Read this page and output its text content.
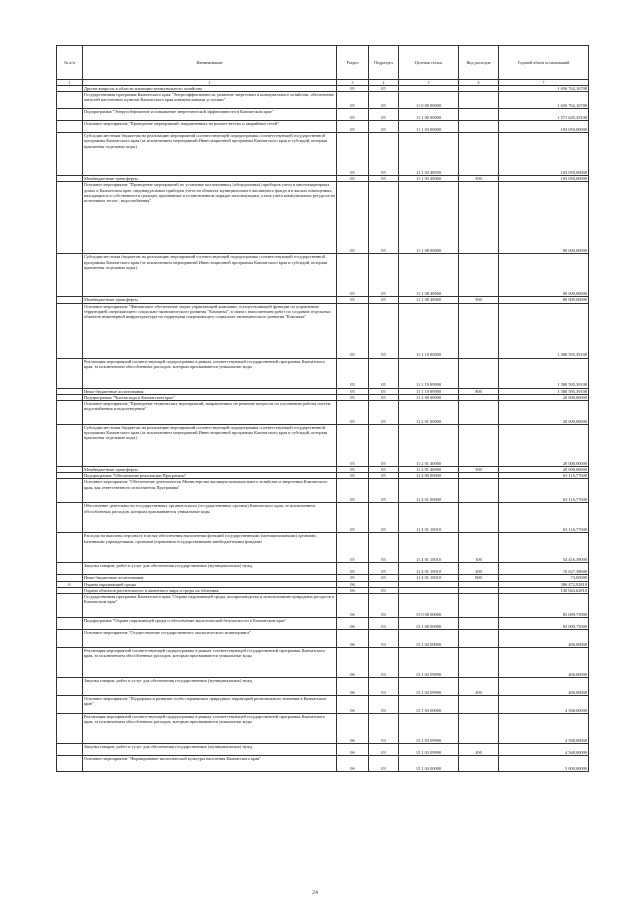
№ п/п	Наименование	Раздел	Подраздел	Целевая статья	Вид расходов	Годовой объем ассигнований
1	2	3	4	5	6	7
	Другие вопросы в области жилищно-коммунального хозяйства	05	05			1 656 762,16708
	Государственная программа Камчатского края "Энергоэффективность, развитие энергетики и коммунального хозяйства, обеспечение жителей населенных пунктов Камчатского края коммунальными услугами"	05	05	11 0 00 00000		1 656 762,16708
	Подпрограмма "Энергосбережение и повышение энергетической эффективности в Камчатском крае"	05	05	11 1 00 00000		1 571 645,39108
	Основное мероприятие "Проведение мероприятий, направленных на ремонт ветхих и аварийных сетей"	05	05	11 1 03 00000		103 050,00000
	Субсидии местным бюджетам на реализацию мероприятий соответствующей подпрограммы соответствующей государственной программы Камчатского края (за исключением мероприятий Инвестиционной программы Камчатского края и субсидий, которым присвоены отдельные коды)	05	05	11 1 03 40050		103 050,00000
	Межбюджетные трансферты	05	05	11 1 03 40060	500	103 050,00000
	Основное мероприятие "Проведение мероприятий по установке коллективных (общедомовых) приборов учета в многоквартирных домах в Камчатском крае, индивидуальных приборов учета на объектах муниципального жилищного фонда и в жилых помещениях, находящихся в собственности граждан, признанных в установленном порядке малоимущими, узлов учета коммунальных ресурсов на источниках тепло-, водоснабжения"	05	05	11 1 08 00000		80 000,00000
	Субсидии местным бюджетам на реализацию мероприятий соответствующей подпрограммы соответствующей государственной программы Камчатского края (за исключением мероприятий Инвестиционной программы Камчатского края и субсидий, которым присвоены отдельные коды)	05	05	11 1 08 40060		80 000,00000
	Межбюджетные трансферты	05	05	11 1 08 40060	500	80 000,00000
	Основное мероприятие "Финансовое обеспечение затрат управляющей компании, осуществляющей функции по управлению территорией опережающего социально-экономического развития "Камчатка", в связи с выполнением работ по созданию отдельных объектов инженерной инфраструктуры на территории опережающего социально-экономического развития "Камчатка"	05	05	11 1 19 00000		1 388 595,39108
	Реализация мероприятий соответствующей подпрограммы в рамках соответствующей государственной программы Камчатского края, за исключением обособленных расходов, которым присваиваются уникальные коды	05	05	11 1 19 09990		1 388 595,39108
	Иные бюджетные ассигнования	05	05	11 1 19 09990	800	1 388 595,39108
	Подпрограмма "Чистая вода в Камчатском крае"	05	05	11 2 00 00000		20 000,00000
	Основное мероприятие "Проведение технических мероприятий, направленных на решение вопросов по улучшению работы систем водоснабжения и водоотведения"	05	05	11 2 01 00000		20 000,00000
	Субсидии местным бюджетам на реализацию мероприятий соответствующей подпрограммы соответствующей государственной программы Камчатского края (за исключением мероприятий Инвестиционной программы Камчатского края и субсидий, которым присвоены отдельные коды)	05	05	11 2 01 40060		20 000,00000
	Межбюджетные трансферты	05	05	11 2 01 40060	500	20 000,00000
	Подпрограмма "Обеспечение реализации Программы"	05	05	11 4 00 00000		65 116,77600
	Основное мероприятие "Обеспечение деятельности Министерства жилищно-коммунального хозяйства и энергетики Камчатского края, как ответственного исполнителя Программы"	05	05	11 4 01 00000		65 116,77600
	Обеспечение деятельности государственных органов власти (государственных органов) Камчатского края, за исключением обособленных расходов, которым присваиваются уникальные коды	05	05	11 4 01 10010		65 116,77600
	Расходы на выплаты персоналу в целях обеспечения выполнения функций государственными (муниципальными) органами, казенными учреждениями, органами управления государственными внебюджетными фондами	05	05	11 4 01 10010	100	54 416,39000
	Закупка товаров, работ и услуг для обеспечения государственных (муниципальных) нужд	05	05	11 4 01 10010	200	10 627,38600
	Иные бюджетные ассигнования	05	05	11 4 01 10010	800	73,00000
6	Охрана окружающей среды	06				306 472,92810
	Охрана объектов растительного и животного мира и среды их обитания	06	03			130 043,62810
	Государственная программа Камчатского края "Охрана окружающей среды, воспроизводство и использование природных ресурсов в Камчатском крае"	06	03	15 0 00 00000		83 009,75000
	Подпрограмма "Охрана окружающей среды и обеспечение экологической безопасности в Камчатском крае"	06	03	15 1 00 00000		83 009,75000
	Основное мероприятие "Осуществление государственного экологического мониторинга"	06	03	15 1 02 00000		400,00000
	Реализация мероприятий соответствующей подпрограммы в рамках соответствующей государственной программы Камчатского края, за исключением обособленных расходов, которым присваиваются уникальные коды	06	03	15 1 02 09990		400,00000
	Закупка товаров, работ и услуг для обеспечения государственных (муниципальных) нужд	06	03	15 1 02 09990	200	400,00000
	Основное мероприятие "Поддержка и развитие особо охраняемых природных территорий регионального значения в Камчатском крае"	06	03	15 1 03 00000		4 568,00000
	Реализация мероприятий соответствующей подпрограммы в рамках соответствующей государственной программы Камчатского края, за исключением обособленных расходов, которым присваиваются уникальные коды	06	03	15 1 03 09990		4 568,00000
	Закупка товаров, работ и услуг для обеспечения государственных (муниципальных) нужд	06	03	15 1 03 09990	200	4 568,00000
	Основное мероприятие "Формирование экологической культуры населения Камчатского края"	06	03	15 1 04 00000		5 000,00000
24
